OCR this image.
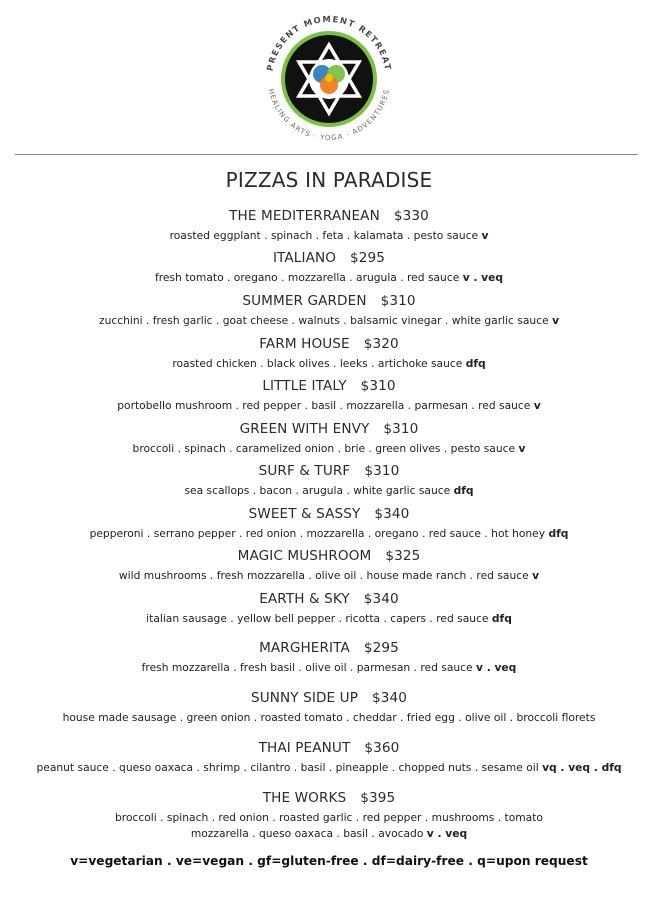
PRESENT MOMENT RETREAT
HEALING ARTS · YOGA · ADVENTURES
PIZZAS IN PARADISE
THE MEDITERRANEAN $330
roasted eggplant . spinach . feta . kalamata . pesto sauce v
ITALIANO $295
fresh tomato . oregano . mozzarella . arugula . red sauce v . veq
SUMMER GARDEN $310
zucchini . fresh garlic . goat cheese . walnuts . balsamic vinegar . white garlic sauce v
FARM HOUSE $320
roasted chicken . black olives . leeks . artichoke sauce dfq
LITTLE ITALY $310
portobello mushroom . red pepper . basil . mozzarella . parmesan . red sauce v
GREEN WITH ENVY $310
broccoli . spinach . caramelized onion . brie . green olives . pesto sauce v
SURF & TURF $310
sea scallops . bacon . arugula . white garlic sauce dfq
SWEET & SASSY $340
pepperoni . serrano pepper . red onion . mozzarella . oregano . red sauce . hot honey dfq
MAGIC MUSHROOM $325
wild mushrooms . fresh mozzarella . olive oil . house made ranch . red sauce v
EARTH & SKY $340
italian sausage . yellow bell pepper . ricotta . capers . red sauce dfq
MARGHERITA $295
fresh mozzarella . fresh basil . olive oil . parmesan . red sauce v . veq
SUNNY SIDE UP $340
house made sausage . green onion . roasted tomato . cheddar . fried egg . olive oil . broccoli florets
THAI PEANUT $360
peanut sauce . queso oaxaca . shrimp . cilantro . basil . pineapple . chopped nuts . sesame oil vq . veq . dfq
THE WORKS $395
broccoli . spinach . red onion . roasted garlic . red pepper . mushrooms . tomato
mozzarella . queso oaxaca . basil . avocado v . veq
v=vegetarian . ve=vegan . gf=gluten-free . df=dairy-free . q=upon request
